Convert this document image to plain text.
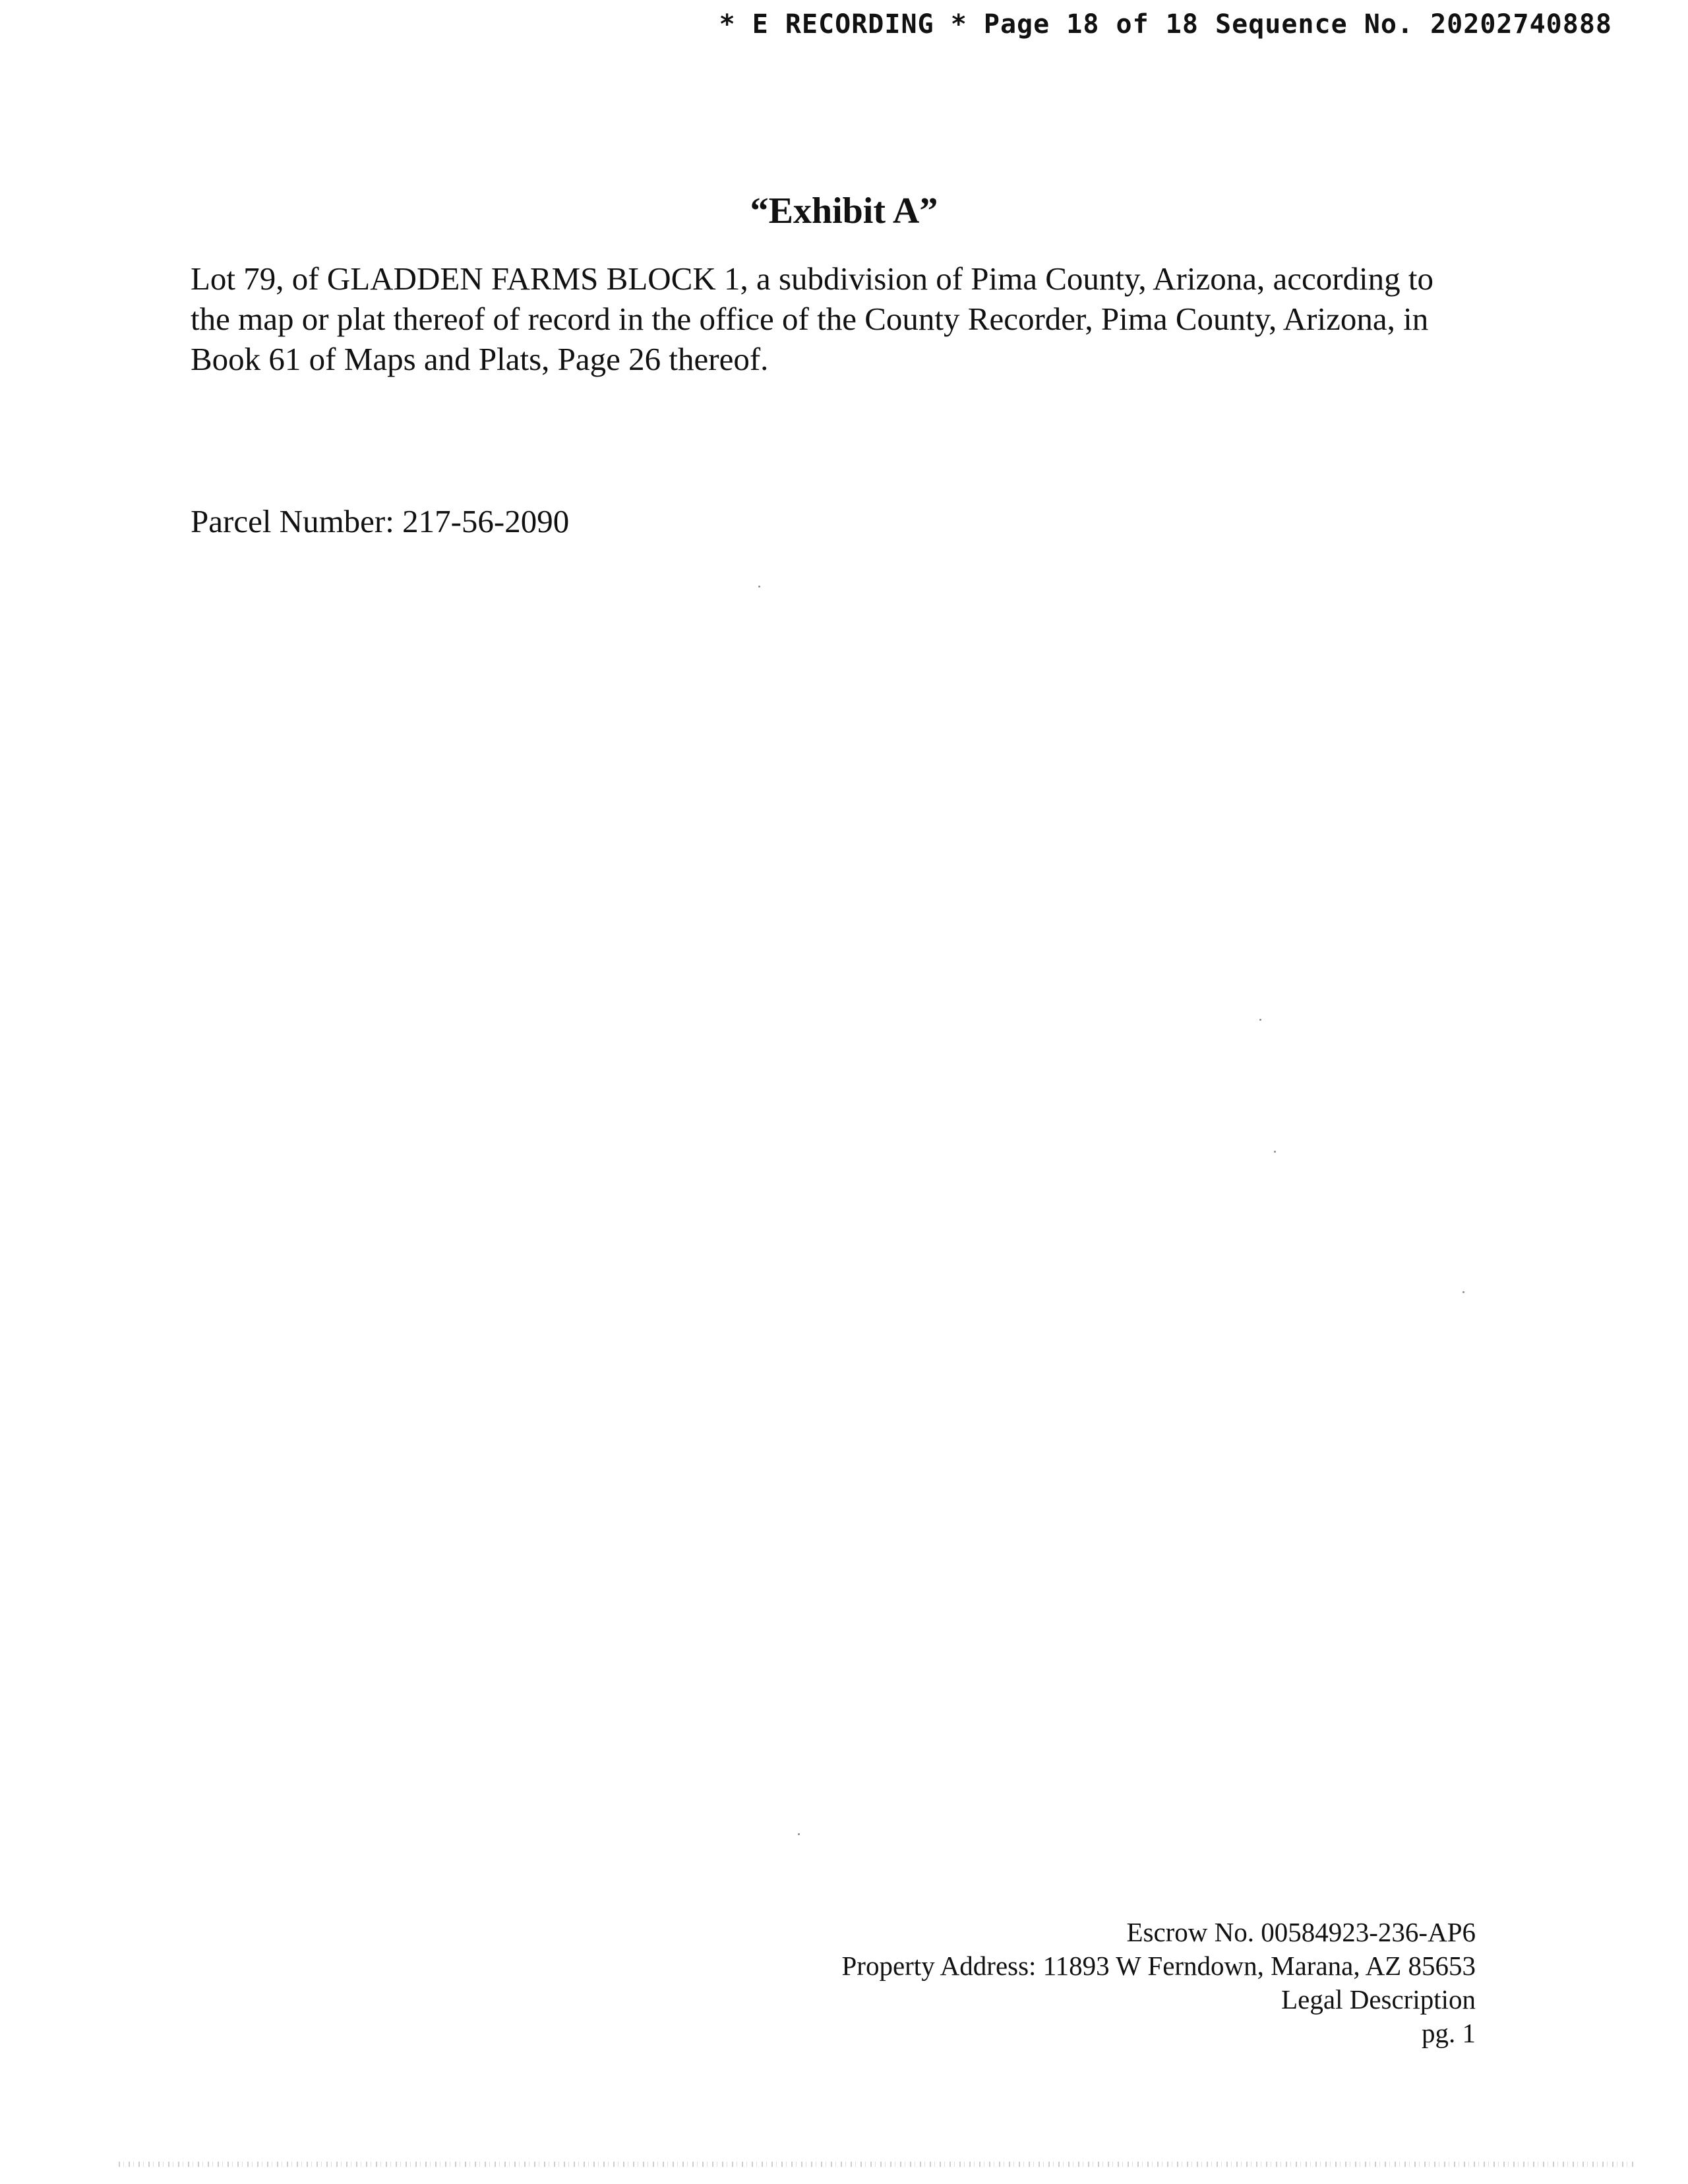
* E RECORDING * Page 18 of 18 Sequence No. 20202740888
“Exhibit A”
Lot 79, of GLADDEN FARMS BLOCK 1, a subdivision of Pima County, Arizona, according to
the map or plat thereof of record in the office of the County Recorder, Pima County, Arizona, in
Book 61 of Maps and Plats, Page 26 thereof.
Parcel Number: 217-56-2090
Escrow No. 00584923-236-AP6
Property Address: 11893 W Ferndown, Marana, AZ 85653
Legal Description
pg. 1
